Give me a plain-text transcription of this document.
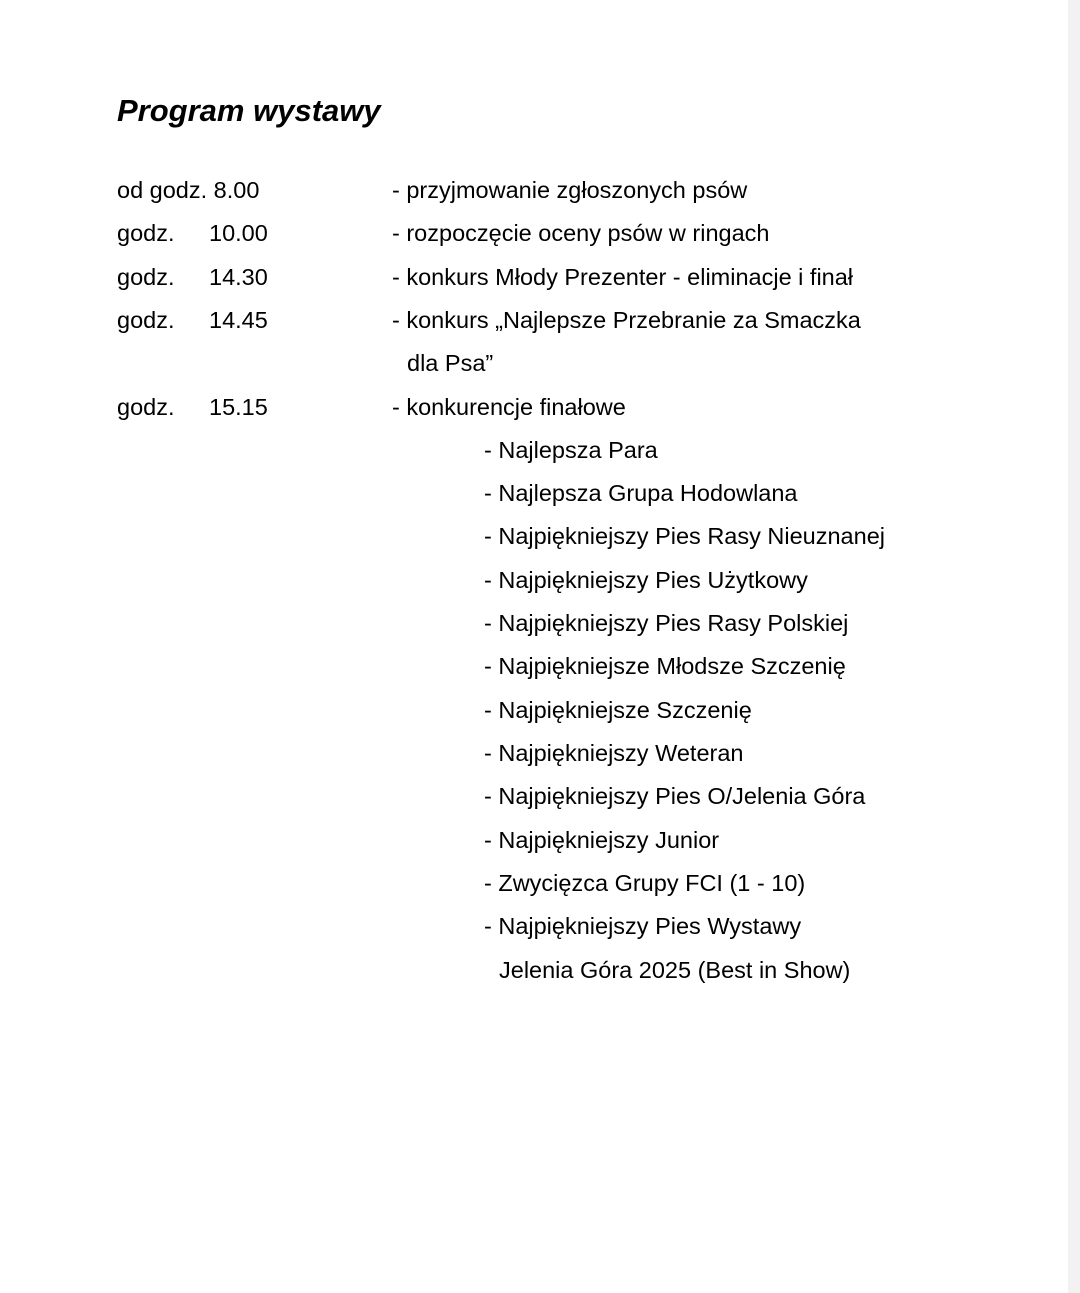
Program wystawy
od godz. 8.00	- przyjmowanie zgłoszonych psów
godz. 10.00	- rozpoczęcie oceny psów w ringach
godz. 14.30	- konkurs Młody Prezenter - eliminacje i finał
godz. 14.45	- konkurs „Najlepsze Przebranie za Smaczka
dla Psa”
godz. 15.15	- konkurencje finałowe
- Najlepsza Para
- Najlepsza Grupa Hodowlana
- Najpiękniejszy Pies Rasy Nieuznanej
- Najpiękniejszy Pies Użytkowy
- Najpiękniejszy Pies Rasy Polskiej
- Najpiękniejsze Młodsze Szczenię
- Najpiękniejsze Szczenię
- Najpiękniejszy Weteran
- Najpiękniejszy Pies O/Jelenia Góra
- Najpiękniejszy Junior
- Zwycięzca Grupy FCI (1 - 10)
- Najpiękniejszy Pies Wystawy
Jelenia Góra 2025 (Best in Show)
